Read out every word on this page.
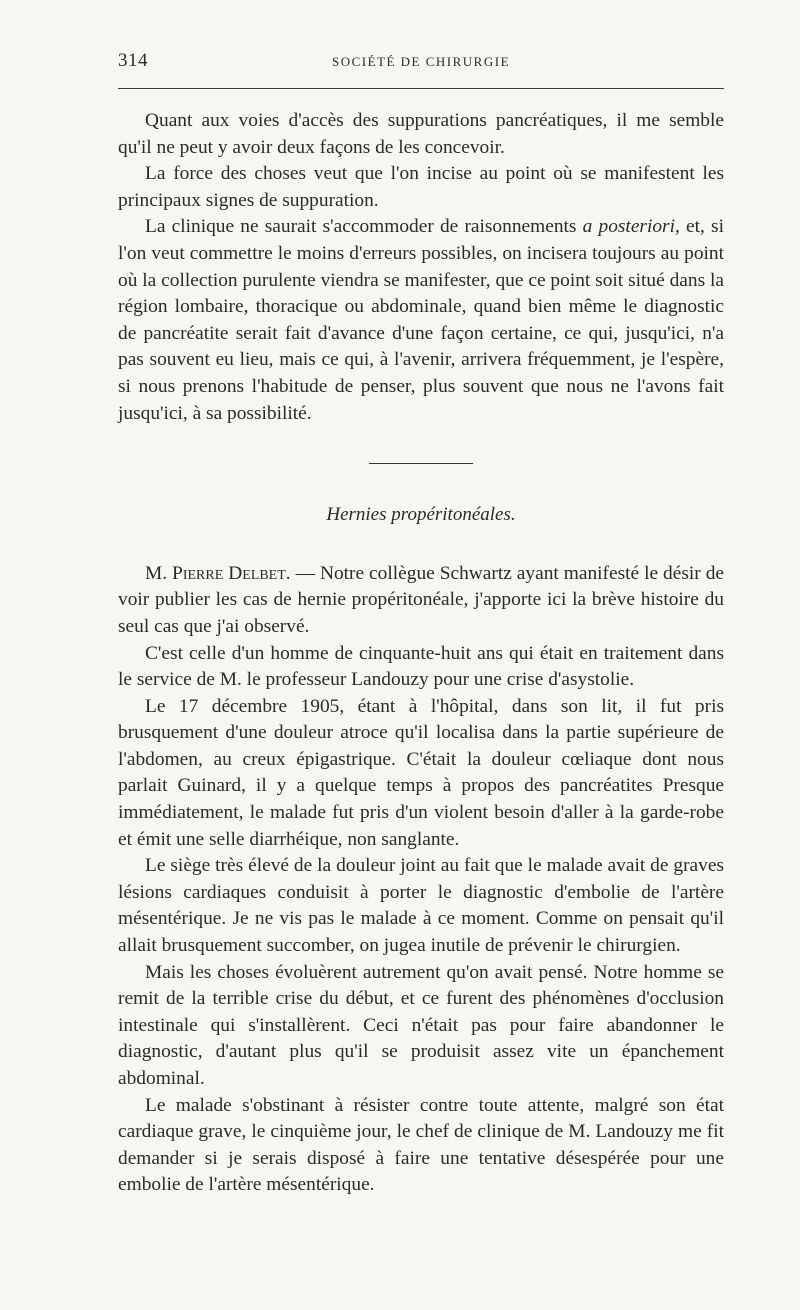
314	SOCIÉTÉ DE CHIRURGIE

Quant aux voies d'accès des suppurations pancréatiques, il me semble qu'il ne peut y avoir deux façons de les concevoir.

La force des choses veut que l'on incise au point où se manifestent les principaux signes de suppuration.

La clinique ne saurait s'accommoder de raisonnements a posteriori, et, si l'on veut commettre le moins d'erreurs possibles, on incisera toujours au point où la collection purulente viendra se manifester, que ce point soit situé dans la région lombaire, thoracique ou abdominale, quand bien même le diagnostic de pancréatite serait fait d'avance d'une façon certaine, ce qui, jusqu'ici, n'a pas souvent eu lieu, mais ce qui, à l'avenir, arrivera fréquemment, je l'espère, si nous prenons l'habitude de penser, plus souvent que nous ne l'avons fait jusqu'ici, à sa possibilité.

Hernies propéritonéales.

M. Pierre Delbet. — Notre collègue Schwartz ayant manifesté le désir de voir publier les cas de hernie propéritonéale, j'apporte ici la brève histoire du seul cas que j'ai observé.

C'est celle d'un homme de cinquante-huit ans qui était en traitement dans le service de M. le professeur Landouzy pour une crise d'asystolie.

Le 17 décembre 1905, étant à l'hôpital, dans son lit, il fut pris brusquement d'une douleur atroce qu'il localisa dans la partie supérieure de l'abdomen, au creux épigastrique. C'était la douleur cœliaque dont nous parlait Guinard, il y a quelque temps à propos des pancréatites Presque immédiatement, le malade fut pris d'un violent besoin d'aller à la garde-robe et émit une selle diarrhéique, non sanglante.

Le siège très élevé de la douleur joint au fait que le malade avait de graves lésions cardiaques conduisit à porter le diagnostic d'embolie de l'artère mésentérique. Je ne vis pas le malade à ce moment. Comme on pensait qu'il allait brusquement succomber, on jugea inutile de prévenir le chirurgien.

Mais les choses évoluèrent autrement qu'on avait pensé. Notre homme se remit de la terrible crise du début, et ce furent des phénomènes d'occlusion intestinale qui s'installèrent. Ceci n'était pas pour faire abandonner le diagnostic, d'autant plus qu'il se produisit assez vite un épanchement abdominal.

Le malade s'obstinant à résister contre toute attente, malgré son état cardiaque grave, le cinquième jour, le chef de clinique de M. Landouzy me fit demander si je serais disposé à faire une tentative désespérée pour une embolie de l'artère mésentérique.
